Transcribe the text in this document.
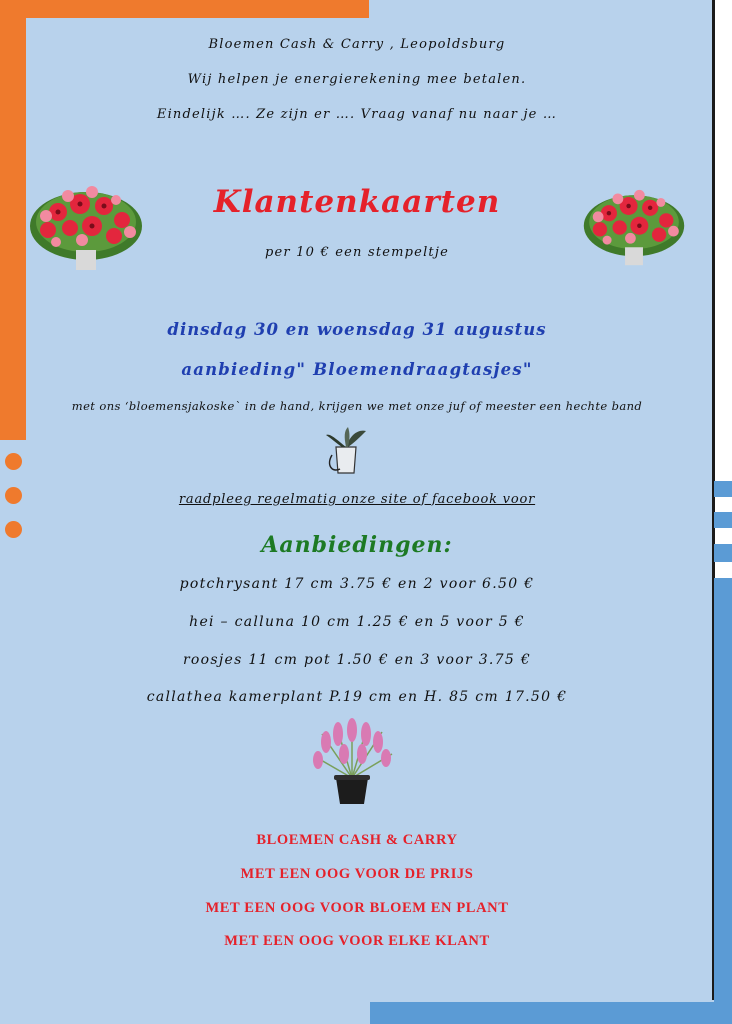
Bloemen Cash & Carry , Leopoldsburg
Wij helpen je energierekening mee betalen.
Eindelijk …. Ze zijn er …. Vraag vanaf nu naar je …
Klantenkaarten
per 10 € een stempeltje
dinsdag 30 en woensdag 31 augustus
aanbieding" Bloemendraagtasjes"
met ons ‘bloemensjakoske` in de hand, krijgen we met onze juf of meester een hechte band
raadpleeg regelmatig onze site of facebook voor
Aanbiedingen:
potchrysant 17 cm 3.75 € en 2 voor 6.50 €
hei – calluna 10 cm 1.25 € en 5 voor 5 €
roosjes 11 cm pot 1.50 € en 3 voor 3.75 €
callathea kamerplant P.19 cm en H. 85 cm 17.50 €
BLOEMEN CASH & CARRY
MET EEN OOG VOOR DE PRIJS
MET EEN OOG VOOR BLOEM EN PLANT
MET EEN OOG VOOR ELKE KLANT
